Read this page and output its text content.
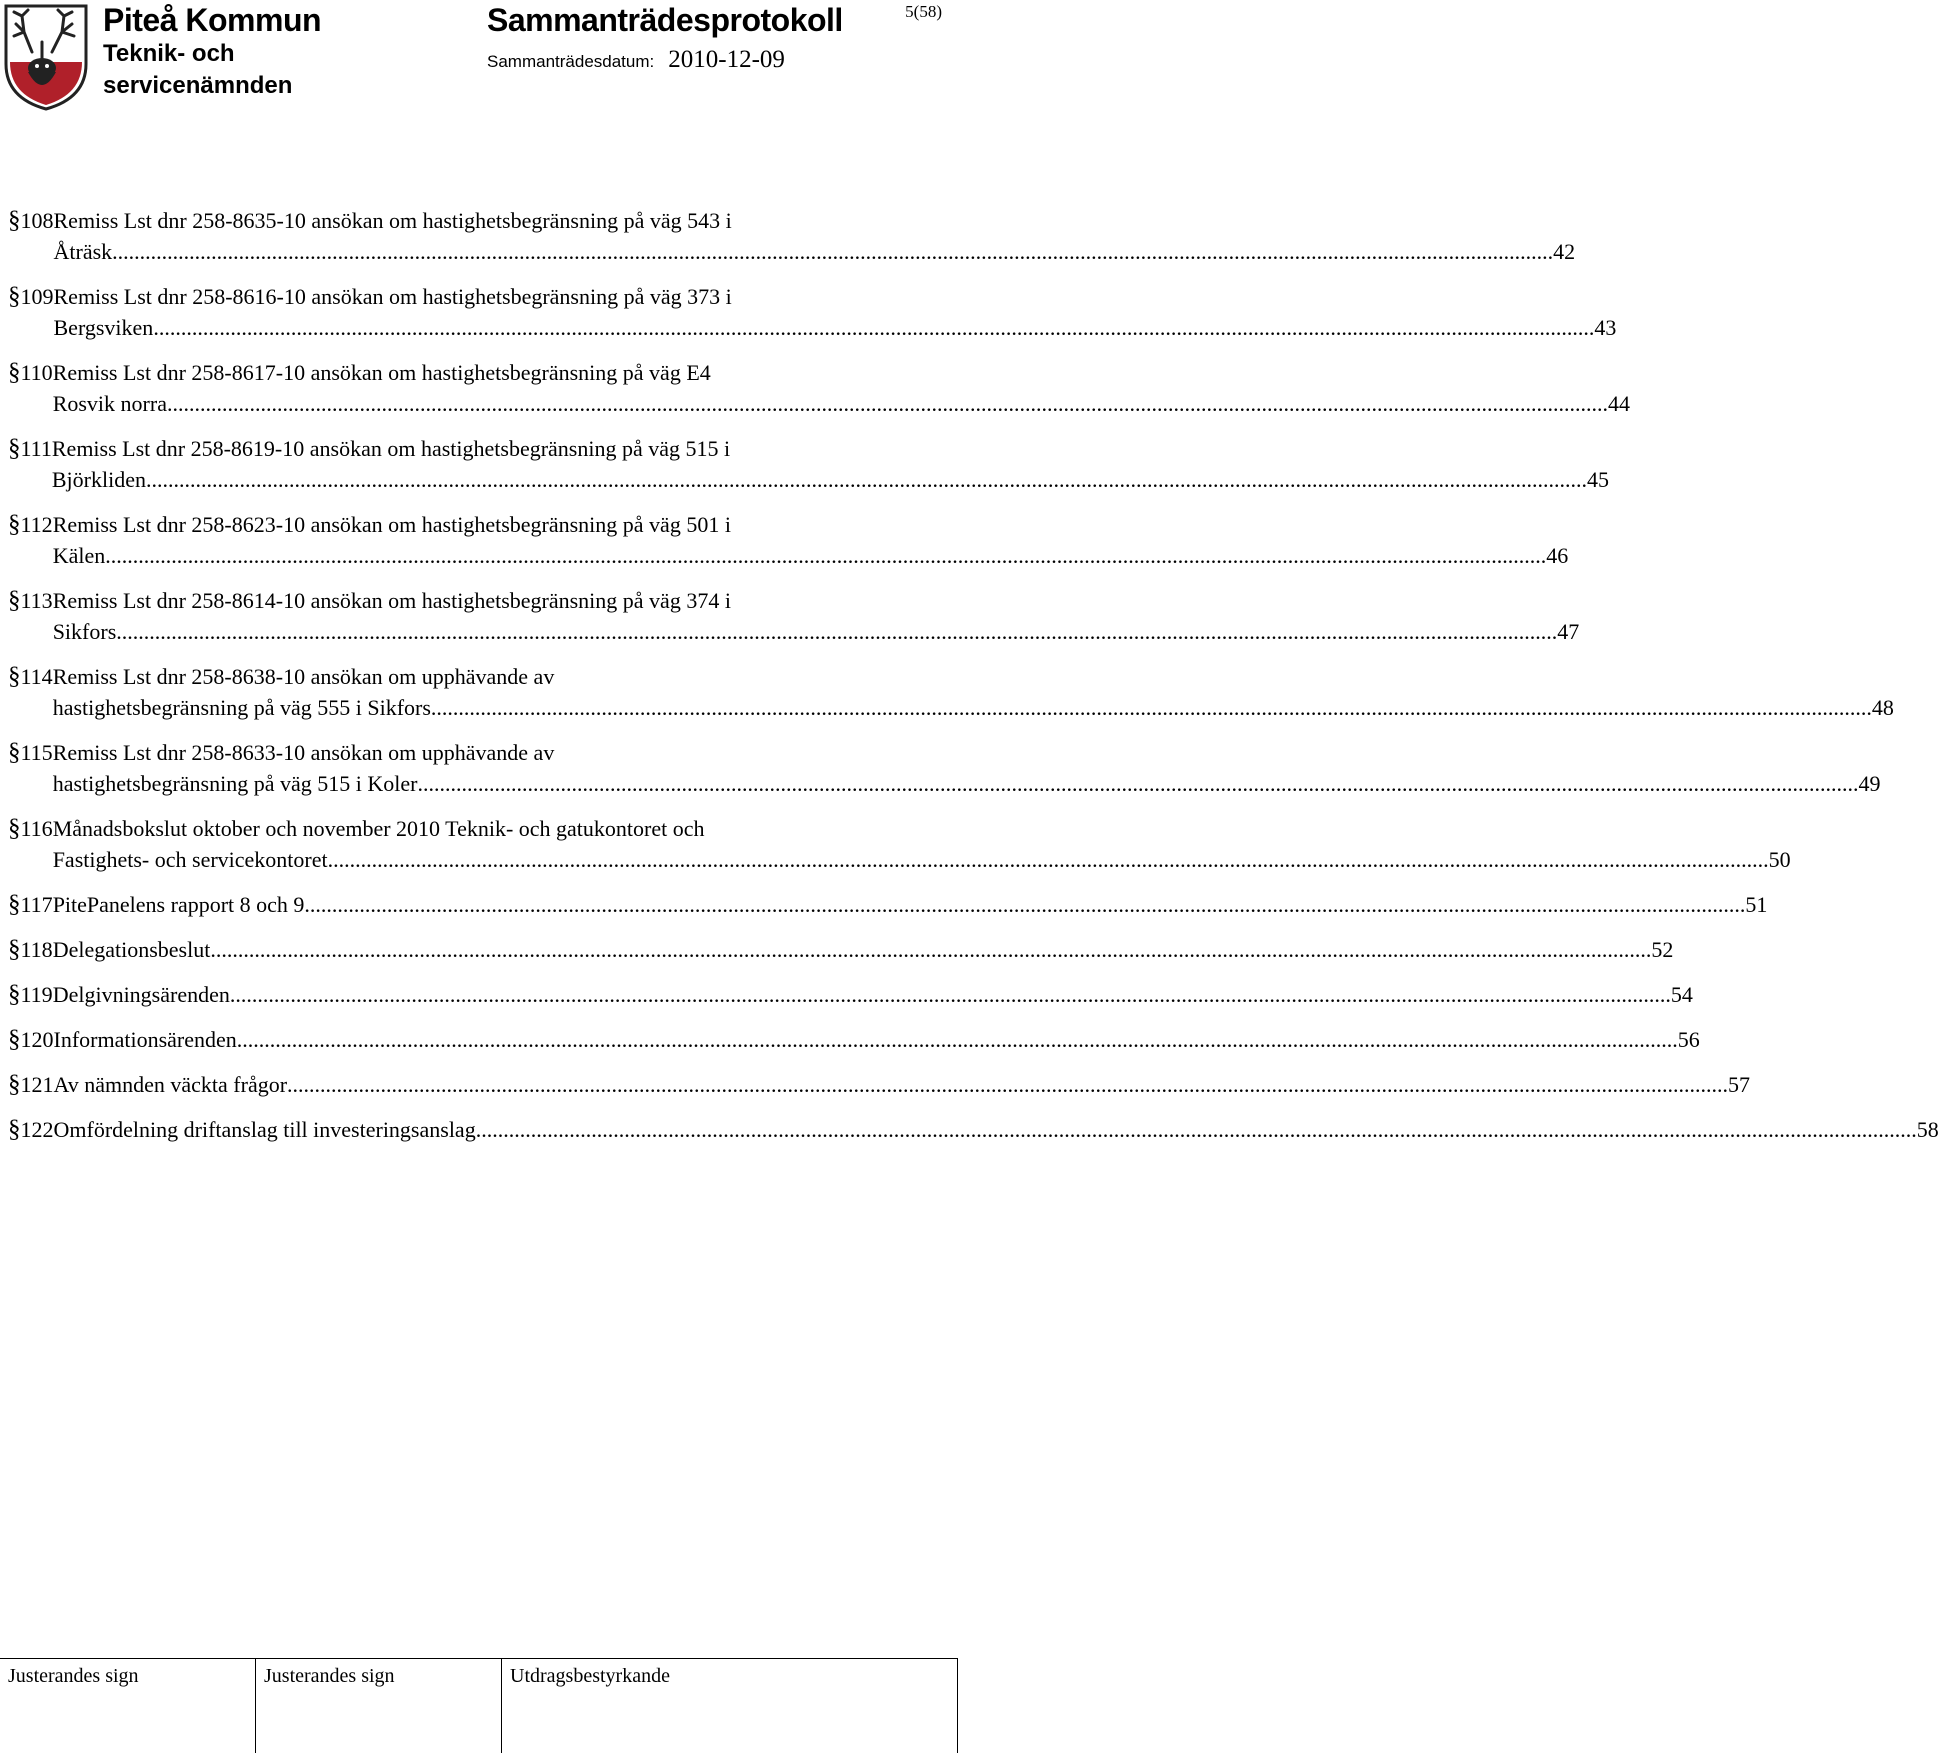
Piteå Kommun
Teknik- och servicenämnden
Sammanträdesprotokoll	5(58)
Sammanträdesdatum: 2010-12-09
§ 108 Remiss Lst dnr 258-8635-10 ansökan om hastighetsbegränsning på väg 543 i
Åträsk .....	42
§ 109 Remiss Lst dnr 258-8616-10 ansökan om hastighetsbegränsning på väg 373 i
Bergsviken .....	43
§ 110 Remiss Lst dnr 258-8617-10 ansökan om hastighetsbegränsning på väg E4
Rosvik norra .....	44
§ 111 Remiss Lst dnr 258-8619-10 ansökan om hastighetsbegränsning på väg 515 i
Björkliden .....	45
§ 112 Remiss Lst dnr 258-8623-10 ansökan om hastighetsbegränsning på väg 501 i
Kälen .....	46
§ 113 Remiss Lst dnr 258-8614-10 ansökan om hastighetsbegränsning på väg 374 i
Sikfors .....	47
§ 114 Remiss Lst dnr 258-8638-10 ansökan om upphävande av
hastighetsbegränsning på väg 555 i Sikfors .....	48
§ 115 Remiss Lst dnr 258-8633-10 ansökan om upphävande av
hastighetsbegränsning på väg 515 i Koler .....	49
§ 116 Månadsbokslut oktober och november 2010 Teknik- och gatukontoret och
Fastighets- och servicekontoret .....	50
§ 117 PitePanelens rapport 8 och 9 .....	51
§ 118 Delegationsbeslut .....	52
§ 119 Delgivningsärenden .....	54
§ 120 Informationsärenden .....	56
§ 121 Av nämnden väckta frågor .....	57
§ 122 Omfördelning driftanslag till investeringsanslag .....	58
Justerandes sign	Justerandes sign	Utdragsbestyrkande
